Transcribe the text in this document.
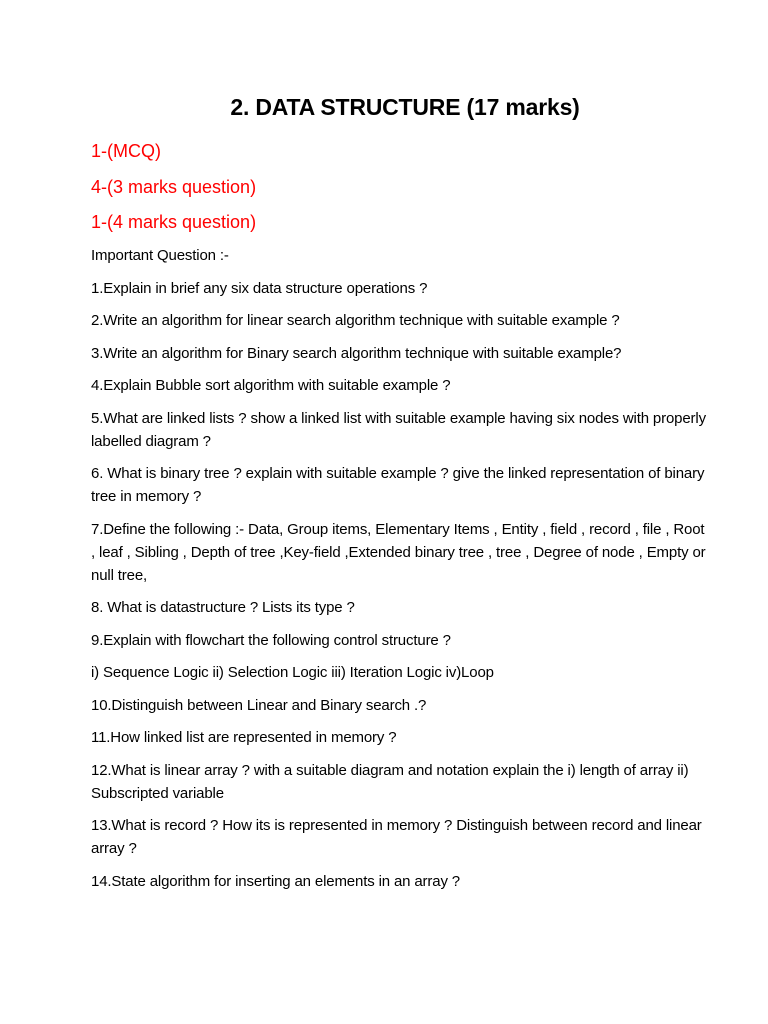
2. DATA STRUCTURE (17 marks)
1-(MCQ)
4-(3 marks question)
1-(4 marks question)

Important Question :-

1.Explain in brief any six data structure operations ?

2.Write an algorithm for linear search algorithm technique with suitable example ?

3.Write an algorithm for Binary search algorithm technique with suitable example?

4.Explain Bubble sort algorithm with suitable example ?

5.What are linked lists ? show a linked list with suitable example having six nodes with properly labelled diagram ?

6. What is binary tree ? explain with suitable example ? give the linked representation of binary tree in memory ?

7.Define the following :- Data, Group items, Elementary Items , Entity , field , record , file , Root , leaf , Sibling , Depth of tree ,Key-field ,Extended binary tree , tree , Degree of node , Empty or null tree,

8. What is datastructure ? Lists its type ?

9.Explain with flowchart the following control structure ?

i) Sequence Logic ii) Selection Logic iii) Iteration Logic iv)Loop

10.Distinguish between Linear and Binary search .?

11.How linked list are represented in memory ?

12.What is linear array ? with a suitable diagram and notation explain the i) length of array ii) Subscripted variable

13.What is record ? How its is represented in memory ? Distinguish between record and linear array ?

14.State algorithm for inserting an elements in an array ?
